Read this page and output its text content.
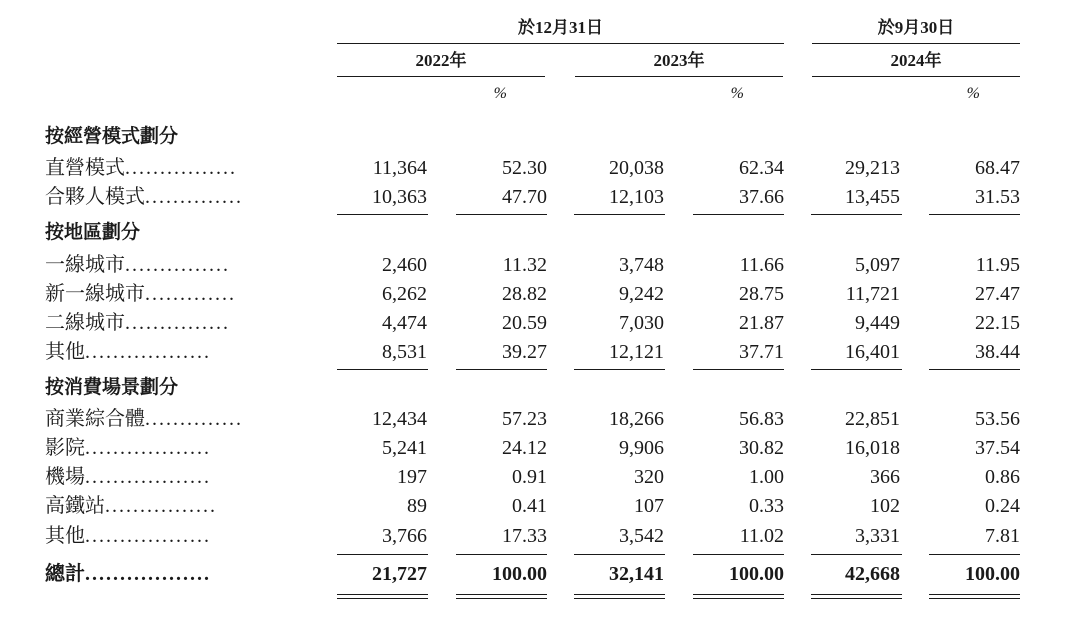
於12月31日	於9月30日
2022年	2023年	2024年
%	%	%
按經營模式劃分
直營模式................	11,364	52.30	20,038	62.34	29,213	68.47
合夥人模式..............	10,363	47.70	12,103	37.66	13,455	31.53
按地區劃分
一線城市...............	2,460	11.32	3,748	11.66	5,097	11.95
新一線城市.............	6,262	28.82	9,242	28.75	11,721	27.47
二線城市...............	4,474	20.59	7,030	21.87	9,449	22.15
其他..................	8,531	39.27	12,121	37.71	16,401	38.44
按消費場景劃分
商業綜合體..............	12,434	57.23	18,266	56.83	22,851	53.56
影院..................	5,241	24.12	9,906	30.82	16,018	37.54
機場..................	197	0.91	320	1.00	366	0.86
高鐵站................	89	0.41	107	0.33	102	0.24
其他..................	3,766	17.33	3,542	11.02	3,331	7.81
總計..................	21,727	100.00	32,141	100.00	42,668	100.00
